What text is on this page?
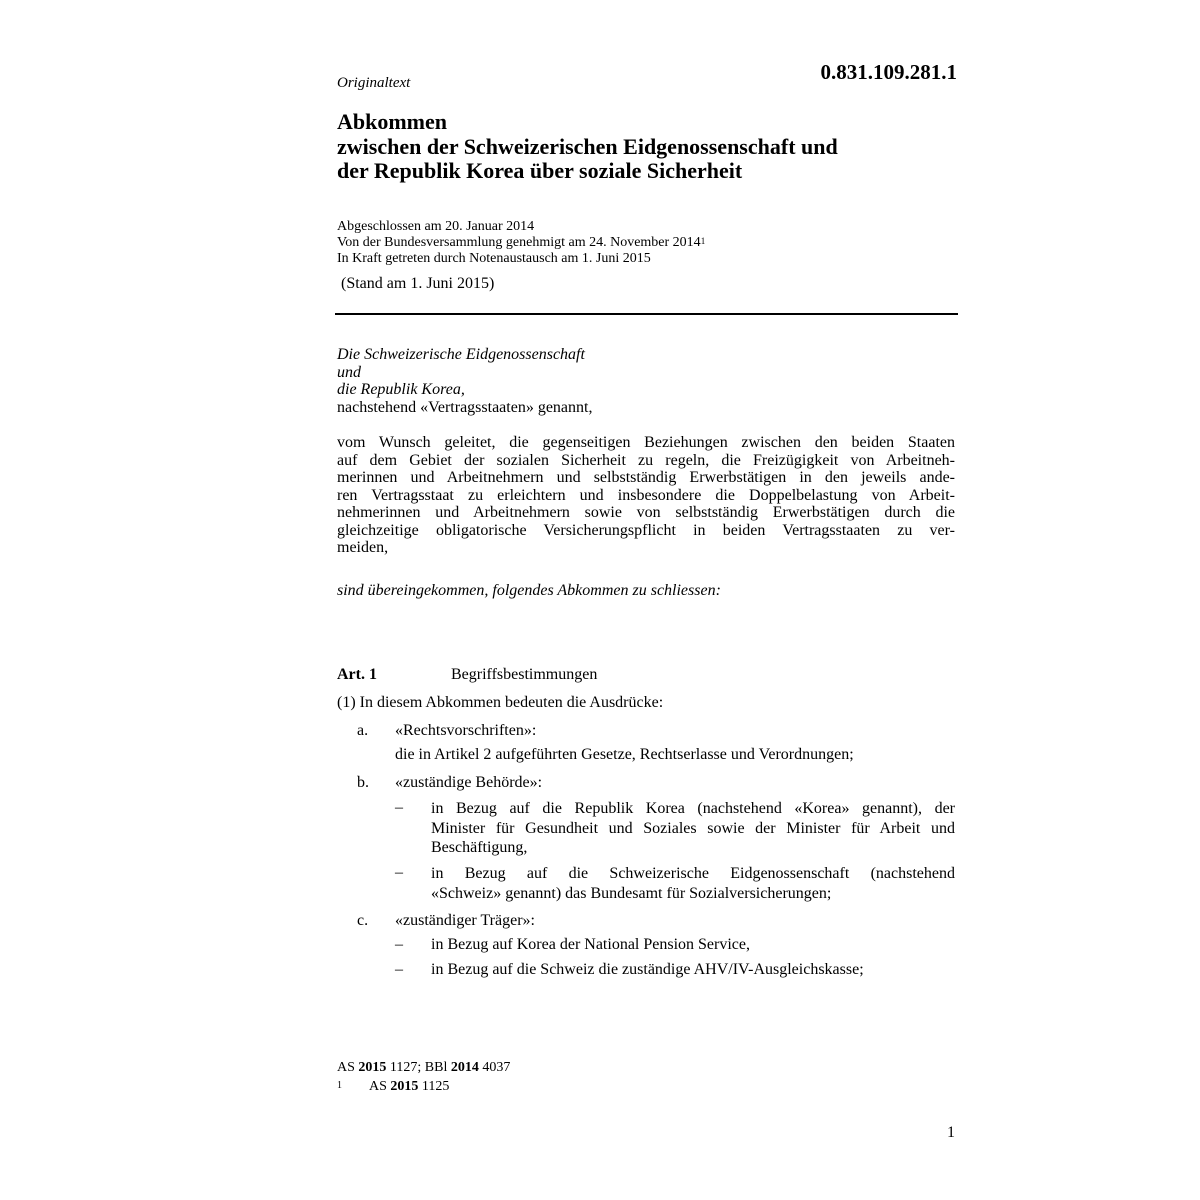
0.831.109.281.1
Originaltext
Abkommen
zwischen der Schweizerischen Eidgenossenschaft und
der Republik Korea über soziale Sicherheit
Abgeschlossen am 20. Januar 2014
Von der Bundesversammlung genehmigt am 24. November 2014$^1$
In Kraft getreten durch Notenaustausch am 1. Juni 2015
(Stand am 1. Juni 2015)
Die Schweizerische Eidgenossenschaft
und
die Republik Korea,
nachstehend «Vertragsstaaten» genannt,
vom Wunsch geleitet, die gegenseitigen Beziehungen zwischen den beiden Staaten
auf dem Gebiet der sozialen Sicherheit zu regeln, die Freizügigkeit von Arbeitneh-
merinnen und Arbeitnehmern und selbstständig Erwerbstätigen in den jeweils ande-
ren Vertragsstaat zu erleichtern und insbesondere die Doppelbelastung von Arbeit-
nehmerinnen und Arbeitnehmern sowie von selbstständig Erwerbstätigen durch die
gleichzeitige obligatorische Versicherungspflicht in beiden Vertragsstaaten zu ver-
meiden,
sind übereingekommen, folgendes Abkommen zu schliessen:
Art. 1	Begriffsbestimmungen
(1) In diesem Abkommen bedeuten die Ausdrücke:
a. «Rechtsvorschriften»:
die in Artikel 2 aufgeführten Gesetze, Rechtserlasse und Verordnungen;
b. «zuständige Behörde»:
– in Bezug auf die Republik Korea (nachstehend «Korea» genannt), der
Minister für Gesundheit und Soziales sowie der Minister für Arbeit und
Beschäftigung,
– in Bezug auf die Schweizerische Eidgenossenschaft (nachstehend
«Schweiz» genannt) das Bundesamt für Sozialversicherungen;
c. «zuständiger Träger»:
– in Bezug auf Korea der National Pension Service,
– in Bezug auf die Schweiz die zuständige AHV/IV-Ausgleichskasse;
AS 2015 1127; BBl 2014 4037
$^1$ AS 2015 1125
1
